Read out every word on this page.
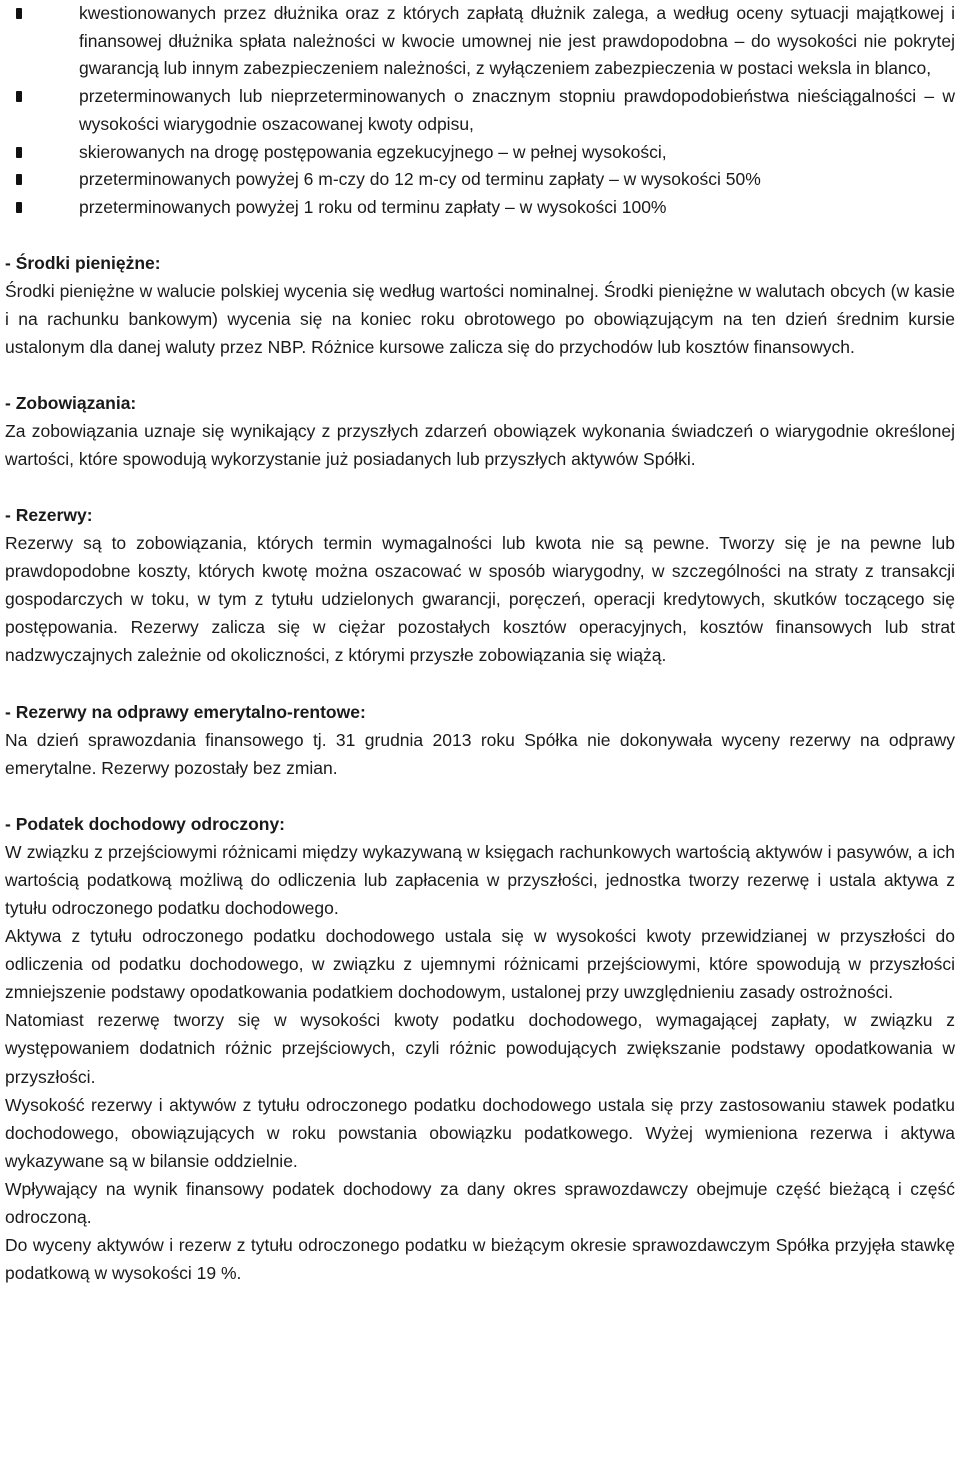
kwestionowanych przez dłużnika oraz z których zapłatą dłużnik zalega, a według oceny sytuacji majątkowej i finansowej dłużnika spłata należności w kwocie umownej nie jest prawdopodobna – do wysokości nie pokrytej gwarancją lub innym zabezpieczeniem należności, z wyłączeniem zabezpieczenia w postaci weksla in blanco,
przeterminowanych lub nieprzeterminowanych o znacznym stopniu prawdopodobieństwa nieściągalności – w wysokości wiarygodnie oszacowanej kwoty odpisu,
skierowanych na drogę postępowania egzekucyjnego – w pełnej wysokości,
przeterminowanych powyżej 6 m-czy do 12 m-cy od terminu zapłaty – w wysokości 50%
przeterminowanych powyżej 1 roku od terminu zapłaty – w wysokości 100%

- Środki pieniężne:

Środki pieniężne w walucie polskiej wycenia się według wartości nominalnej. Środki pieniężne w walutach obcych (w kasie i na rachunku bankowym) wycenia się na koniec roku obrotowego po obowiązującym na ten dzień średnim kursie ustalonym dla danej waluty przez NBP. Różnice kursowe zalicza się do przychodów lub kosztów finansowych.

- Zobowiązania:

Za zobowiązania uznaje się wynikający z przyszłych zdarzeń obowiązek wykonania świadczeń o wiarygodnie określonej wartości, które spowodują wykorzystanie już posiadanych lub przyszłych aktywów Spółki.

- Rezerwy:

Rezerwy są to zobowiązania, których termin wymagalności lub kwota nie są pewne. Tworzy się je na pewne lub prawdopodobne koszty, których kwotę można oszacować w sposób wiarygodny, w szczególności na straty z transakcji gospodarczych w toku, w tym z tytułu udzielonych gwarancji, poręczeń, operacji kredytowych, skutków toczącego się postępowania. Rezerwy zalicza się w ciężar pozostałych kosztów operacyjnych, kosztów finansowych lub strat nadzwyczajnych zależnie od okoliczności, z którymi przyszłe zobowiązania się wiążą.

- Rezerwy na odprawy emerytalno-rentowe:

Na dzień sprawozdania finansowego tj. 31 grudnia 2013 roku Spółka nie dokonywała wyceny rezerwy na odprawy emerytalne. Rezerwy pozostały bez zmian.

- Podatek dochodowy odroczony:

W związku z przejściowymi różnicami między wykazywaną w księgach rachunkowych wartością aktywów i pasywów, a ich wartością podatkową możliwą do odliczenia lub zapłacenia w przyszłości, jednostka tworzy rezerwę i ustala aktywa z tytułu odroczonego podatku dochodowego.

Aktywa z tytułu odroczonego podatku dochodowego ustala się w wysokości kwoty przewidzianej w przyszłości do odliczenia od podatku dochodowego, w związku z ujemnymi różnicami przejściowymi, które spowodują w przyszłości zmniejszenie podstawy opodatkowania podatkiem dochodowym, ustalonej przy uwzględnieniu zasady ostrożności.

Natomiast rezerwę tworzy się w wysokości kwoty podatku dochodowego, wymagającej zapłaty, w związku z występowaniem dodatnich różnic przejściowych, czyli różnic powodujących zwiększanie podstawy opodatkowania w przyszłości.

Wysokość rezerwy i aktywów z tytułu odroczonego podatku dochodowego ustala się przy zastosowaniu stawek podatku dochodowego, obowiązujących w roku powstania obowiązku podatkowego. Wyżej wymieniona rezerwa i aktywa wykazywane są w bilansie oddzielnie.

Wpływający na wynik finansowy podatek dochodowy za dany okres sprawozdawczy obejmuje część bieżącą i część odroczoną.

Do wyceny aktywów i rezerw z tytułu odroczonego podatku w bieżącym okresie sprawozdawczym Spółka przyjęła stawkę podatkową w wysokości 19 %.
